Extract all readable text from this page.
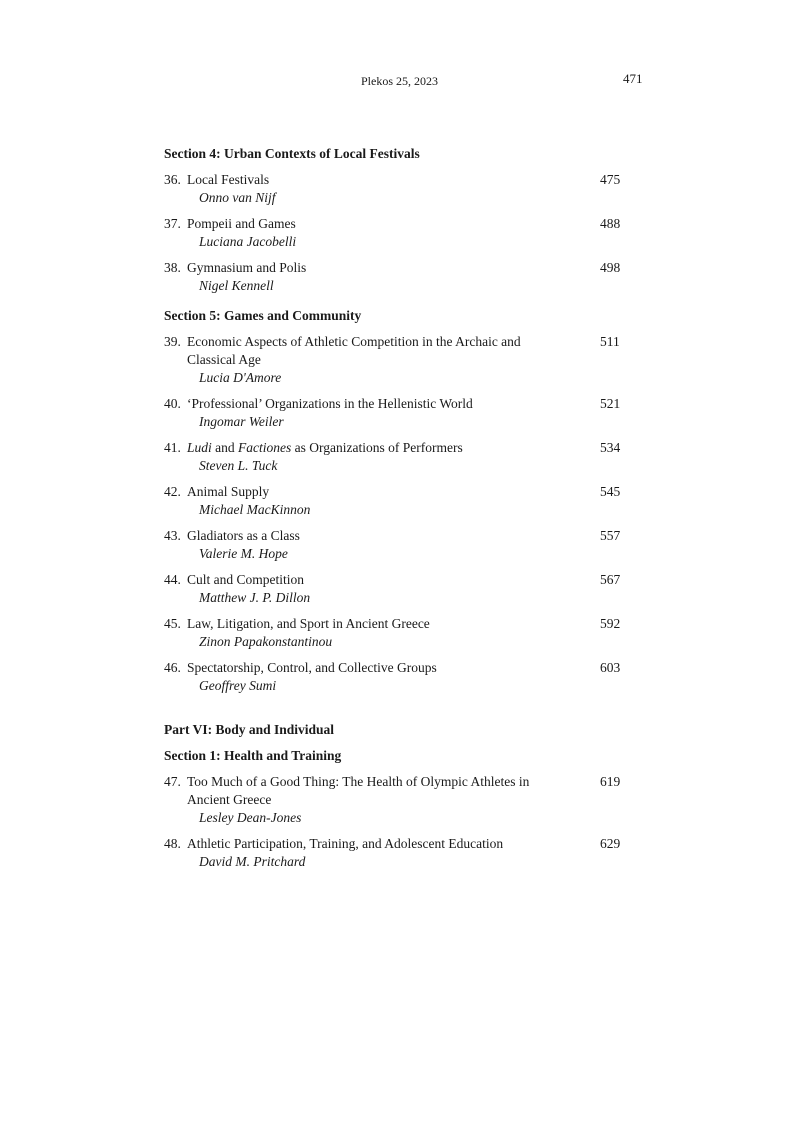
Plekos 25, 2023	471
Section 4: Urban Contexts of Local Festivals
36. Local Festivals
Onno van Nijf
475
37. Pompeii and Games
Luciana Jacobelli
488
38. Gymnasium and Polis
Nigel Kennell
498
Section 5: Games and Community
39. Economic Aspects of Athletic Competition in the Archaic and Classical Age
Lucia D'Amore
511
40. ‘Professional’ Organizations in the Hellenistic World
Ingomar Weiler
521
41. Ludi and Factiones as Organizations of Performers
Steven L. Tuck
534
42. Animal Supply
Michael MacKinnon
545
43. Gladiators as a Class
Valerie M. Hope
557
44. Cult and Competition
Matthew J. P. Dillon
567
45. Law, Litigation, and Sport in Ancient Greece
Zinon Papakonstantinou
592
46. Spectatorship, Control, and Collective Groups
Geoffrey Sumi
603
Part VI: Body and Individual
Section 1: Health and Training
47. Too Much of a Good Thing: The Health of Olympic Athletes in Ancient Greece
Lesley Dean-Jones
619
48. Athletic Participation, Training, and Adolescent Education
David M. Pritchard
629
